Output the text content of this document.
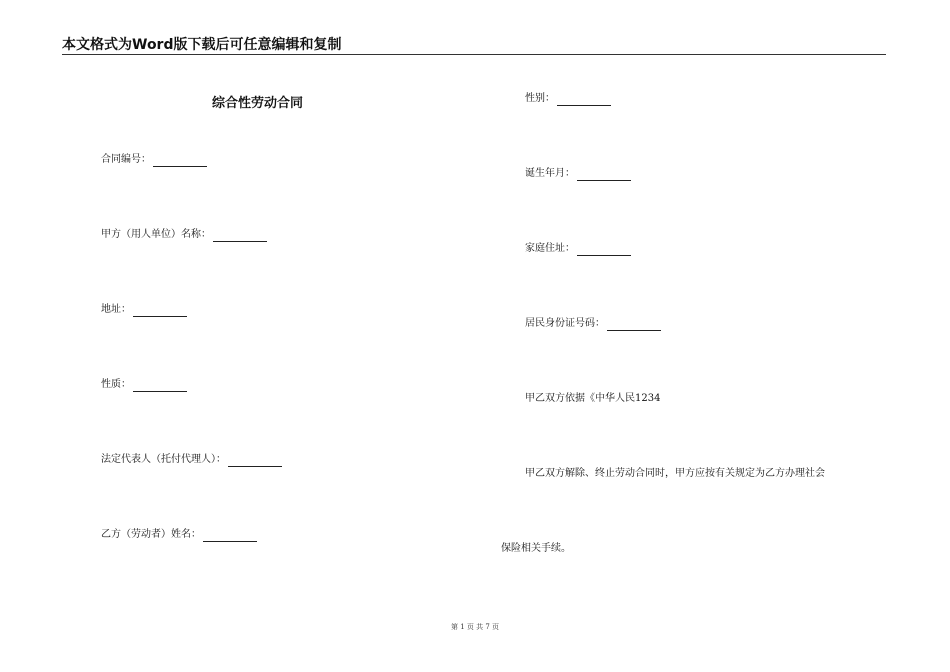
本文格式为Word版下载后可任意编辑和复制
综合性劳动合同
合同编号：
甲方（用人单位）名称：
地址：
性质：
法定代表人（托付代理人）：
乙方（劳动者）姓名：
性别：
诞生年月：
家庭住址：
居民身份证号码：
甲乙双方依据《中华人民1234
甲乙双方解除、终止劳动合同时，甲方应按有关规定为乙方办理社会
保险相关手续。
第 1 页 共 7 页
